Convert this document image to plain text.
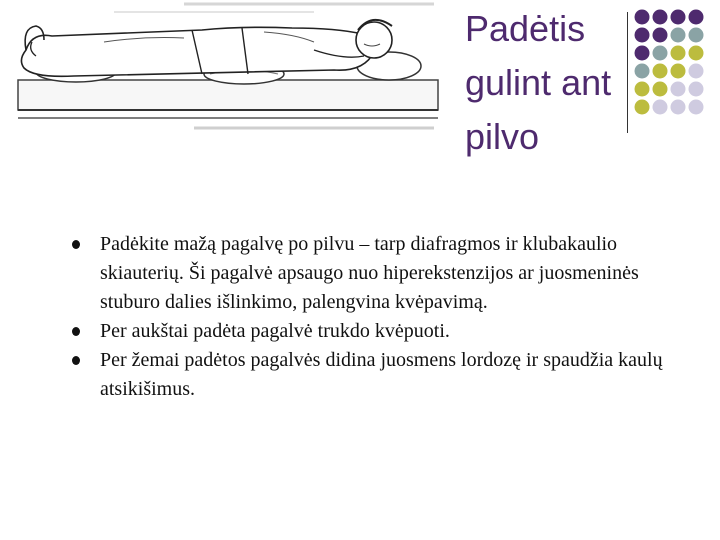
Padėtis
gulint ant
pilvo
Padėkite mažą pagalvę po pilvu – tarp diafragmos ir klubakaulio skiauterių. Ši pagalvė apsaugo nuo hiperekstenzijos ar juosmeninės stuburo dalies išlinkimo, palengvina kvėpavimą.
Per aukštai padėta pagalvė trukdo kvėpuoti.
Per žemai padėtos pagalvės didina juosmens lordozę ir spaudžia kaulų atsikišimus.
